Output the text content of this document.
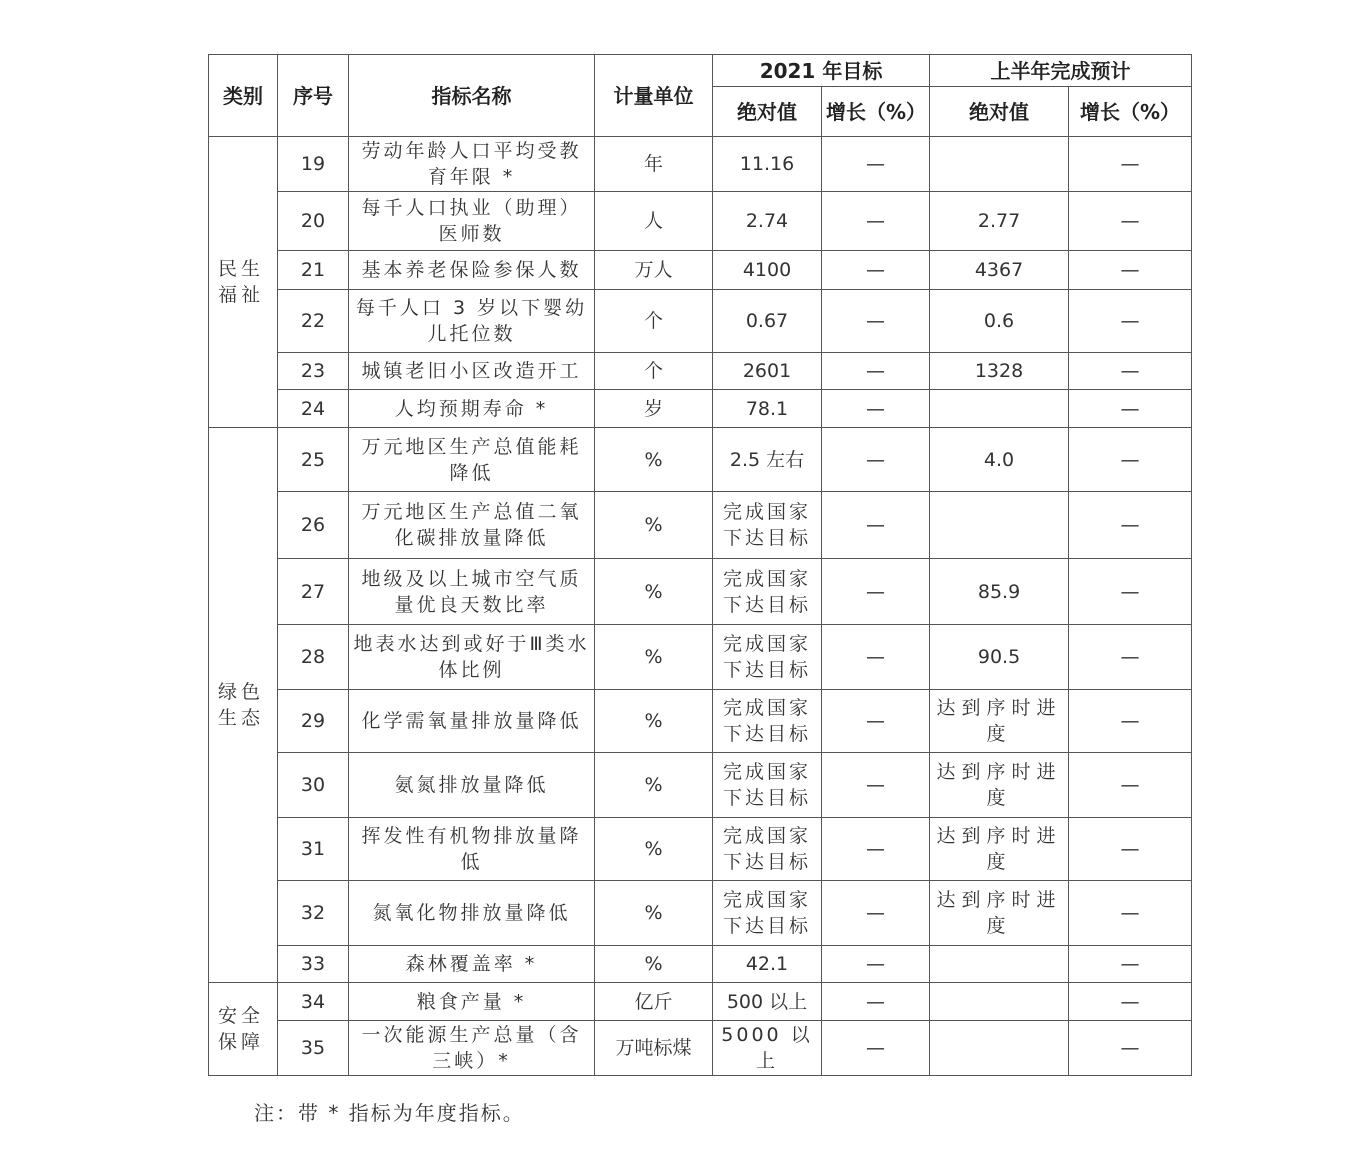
类别	序号	指标名称	计量单位	2021 年目标		上半年完成预计	
				绝对值	增长（%）	绝对值	增长（%）

民生福祉	19	劳动年龄人口平均受教育年限 *	年	11.16	—		—
	20	每千人口执业（助理）医师数	人	2.74	—	2.77	—
	21	基本养老保险参保人数	万人	4100	—	4367	—
	22	每千人口 3 岁以下婴幼儿托位数	个	0.67	—	0.6	—
	23	城镇老旧小区改造开工	个	2601	—	1328	—
	24	人均预期寿命 *	岁	78.1	—		—

绿色生态	25	万元地区生产总值能耗降低	%	2.5 左右	—	4.0	—
	26	万元地区生产总值二氧化碳排放量降低	%	完成国家下达目标	—		—
	27	地级及以上城市空气质量优良天数比率	%	完成国家下达目标	—	85.9	—
	28	地表水达到或好于Ⅲ类水体比例	%	完成国家下达目标	—	90.5	—
	29	化学需氧量排放量降低	%	完成国家下达目标	—	达到序时进度	—
	30	氨氮排放量降低	%	完成国家下达目标	—	达到序时进度	—
	31	挥发性有机物排放量降低	%	完成国家下达目标	—	达到序时进度	—
	32	氮氧化物排放量降低	%	完成国家下达目标	—	达到序时进度	—
	33	森林覆盖率 *	%	42.1	—		—

安全保障	34	粮食产量 *	亿斤	500 以上	—		—
	35	一次能源生产总量（含三峡）*	万吨标煤	5000 以上	—		—
注：带 * 指标为年度指标。
